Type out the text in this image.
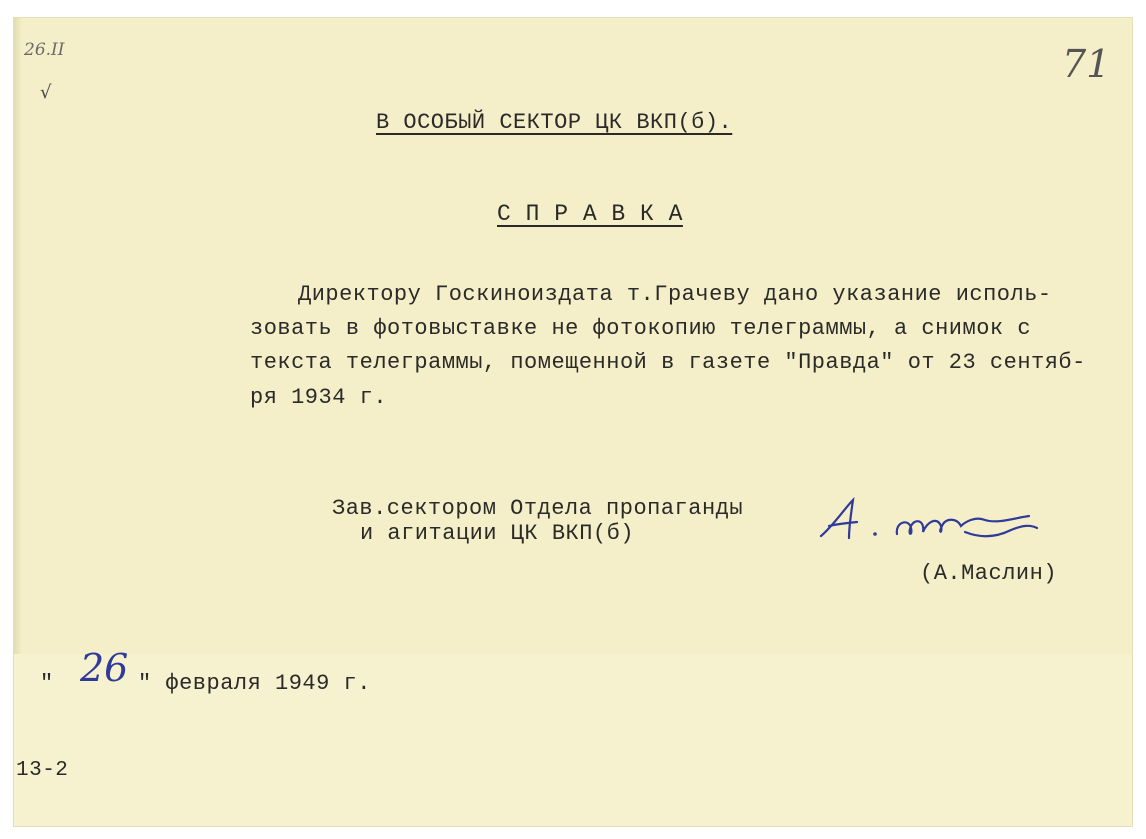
26.II
√
71
В ОСОБЫЙ СЕКТОР ЦК ВКП(б).
С П Р А В К А
Директору Госкиноиздата т.Грачеву дано указание исполь-
зовать в фотовыставке не фотокопию телеграммы, а снимок с
текста телеграммы, помещенной в газете "Правда" от 23 сентяб-
ря 1934 г.
Зав.сектором Отдела пропаганды
и агитации ЦК ВКП(б)
(А.Маслин)
" 26 " февраля 1949 г.
13-2
